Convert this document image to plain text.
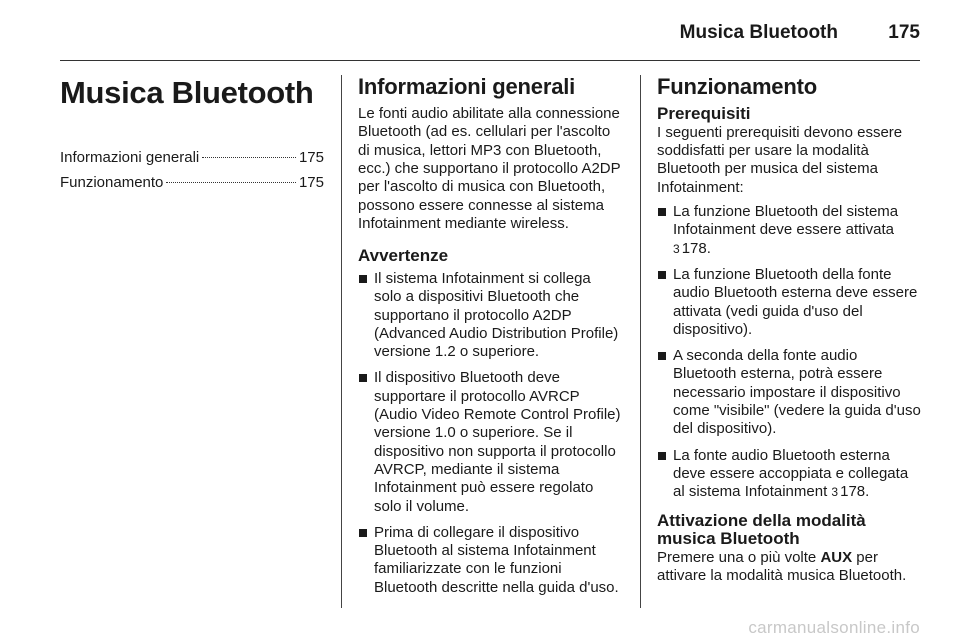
Musica Bluetooth	175
Musica Bluetooth
Informazioni generali	175
Funzionamento	175
Informazioni generali

Le fonti audio abilitate alla connessione Bluetooth (ad es. cellulari per l'ascolto di musica, lettori MP3 con Bluetooth, ecc.) che supportano il protocollo A2DP per l'ascolto di musica con Bluetooth, possono essere connesse al sistema Infotainment mediante wireless.

Avvertenze
Il sistema Infotainment si collega solo a dispositivi Bluetooth che supportano il protocollo A2DP (Advanced Audio Distribution Profile) versione 1.2 o superiore.
Il dispositivo Bluetooth deve supportare il protocollo AVRCP (Audio Video Remote Control Profile) versione 1.0 o superiore. Se il dispositivo non supporta il protocollo AVRCP, mediante il sistema Infotainment può essere regolato solo il volume.
Prima di collegare il dispositivo Bluetooth al sistema Infotainment familiarizzate con le funzioni Bluetooth descritte nella guida d'uso.
Funzionamento
Prerequisiti

I seguenti prerequisiti devono essere soddisfatti per usare la modalità Bluetooth per musica del sistema Infotainment:

La funzione Bluetooth del sistema Infotainment deve essere attivata 3 178.
La funzione Bluetooth della fonte audio Bluetooth esterna deve essere attivata (vedi guida d'uso del dispositivo).
A seconda della fonte audio Bluetooth esterna, potrà essere necessario impostare il dispositivo come "visibile" (vedere la guida d'uso del dispositivo).
La fonte audio Bluetooth esterna deve essere accoppiata e collegata al sistema Infotainment 3 178.
Attivazione della modalità musica Bluetooth

Premere una o più volte AUX per attivare la modalità musica Bluetooth.

carmanualsonline.info
